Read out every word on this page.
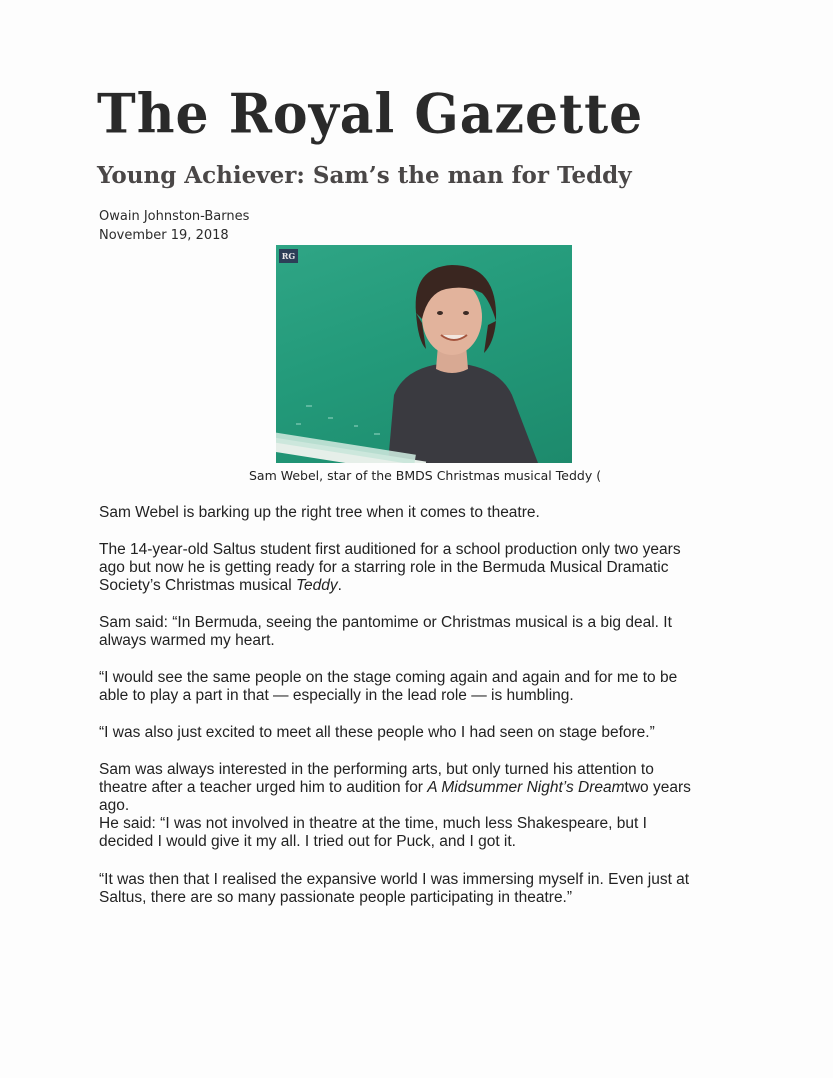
The Royal Gazette
Young Achiever: Sam’s the man for Teddy
Owain Johnston-Barnes
November 19, 2018
RG
Sam Webel, star of the BMDS Christmas musical Teddy (
Sam Webel is barking up the right tree when it comes to theatre.
The 14-year-old Saltus student first auditioned for a school production only two years
ago but now he is getting ready for a starring role in the Bermuda Musical Dramatic
Society’s Christmas musical Teddy.
Sam said: “In Bermuda, seeing the pantomime or Christmas musical is a big deal. It
always warmed my heart.
“I would see the same people on the stage coming again and again and for me to be
able to play a part in that — especially in the lead role — is humbling.
“I was also just excited to meet all these people who I had seen on stage before.”
Sam was always interested in the performing arts, but only turned his attention to
theatre after a teacher urged him to audition for A Midsummer Night’s Dreamtwo years
ago.
He said: “I was not involved in theatre at the time, much less Shakespeare, but I
decided I would give it my all. I tried out for Puck, and I got it.
“It was then that I realised the expansive world I was immersing myself in. Even just at
Saltus, there are so many passionate people participating in theatre.”
